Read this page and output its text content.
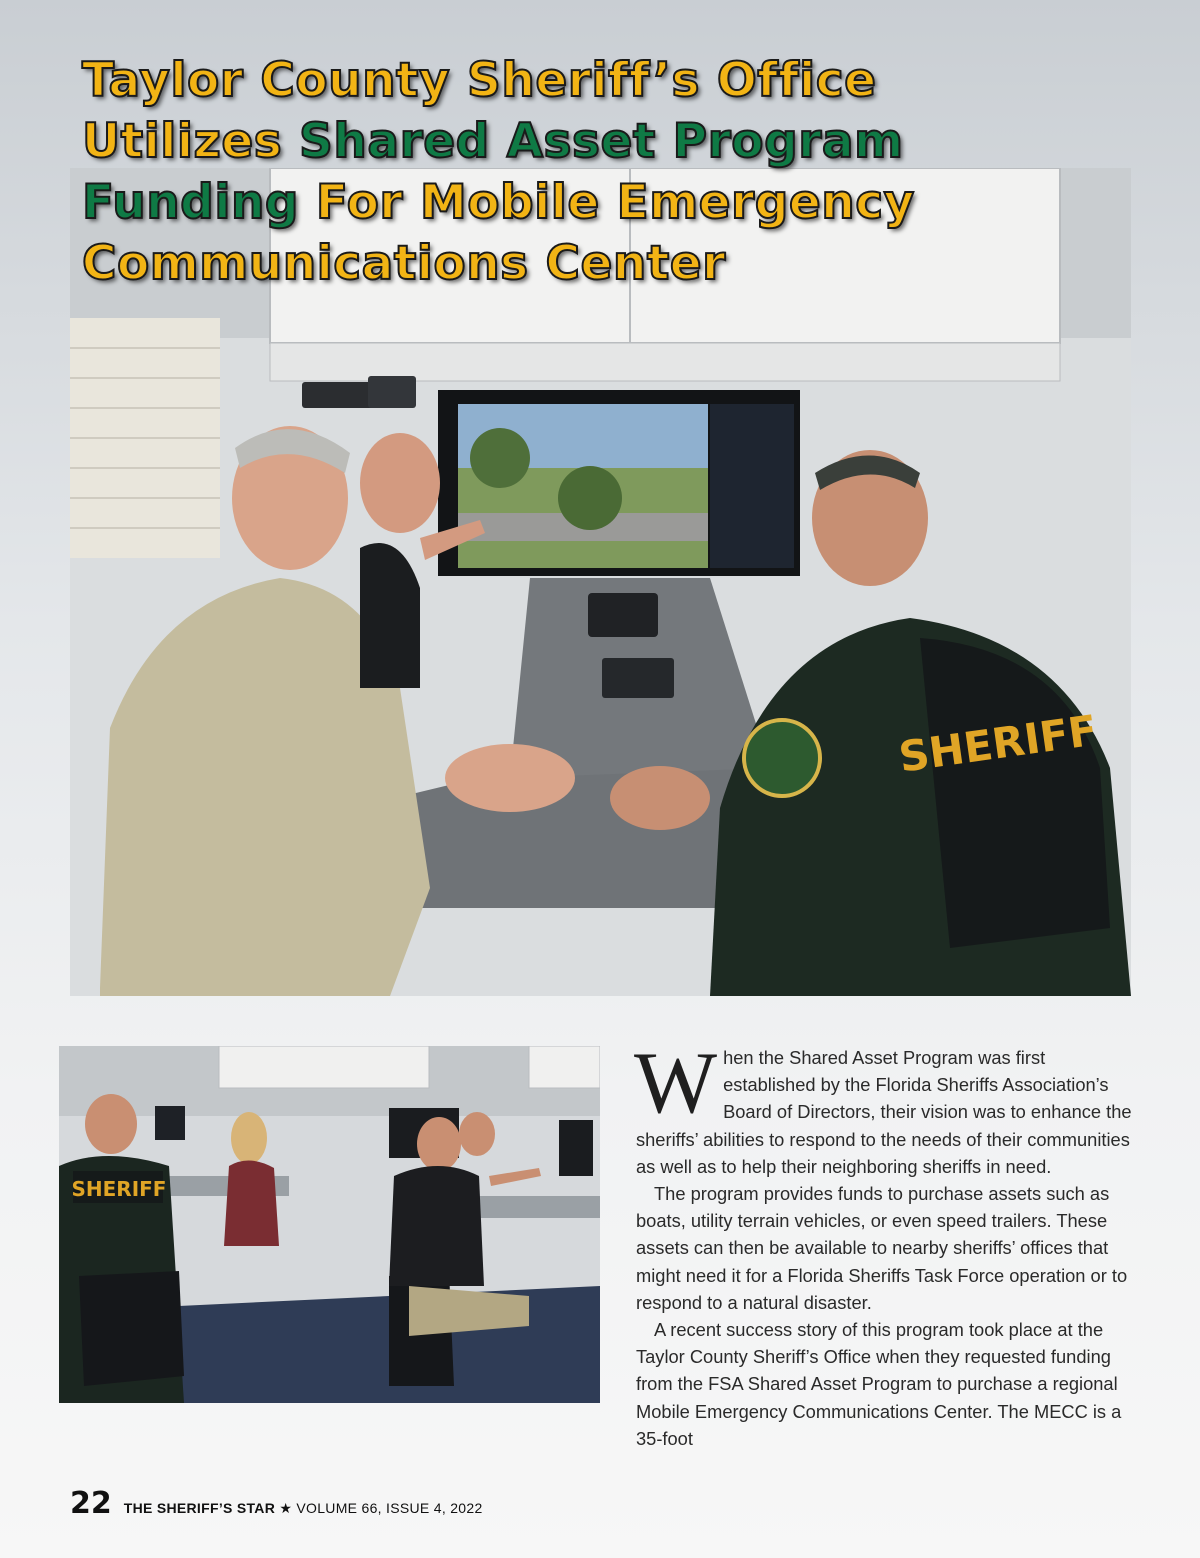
SHERIFF
Taylor County Sheriff’s Office
Utilizes Shared Asset Program
Funding For Mobile Emergency
Communications Center
SHERIFF

When the Shared Asset Program was first established by the Florida Sheriffs Association’s Board of Directors, their vision was to enhance the sheriffs’ abilities to respond to the needs of their communities as well as to help their neighboring sheriffs in need.

The program provides funds to purchase assets such as boats, utility terrain vehicles, or even speed trailers. These assets can then be available to nearby sheriffs’ offices that might need it for a Florida Sheriffs Task Force operation or to respond to a natural disaster.

A recent success story of this program took place at the Taylor County Sheriff’s Office when they requested funding from the FSA Shared Asset Program to purchase a regional Mobile Emergency Communications Center. The MECC is a 35-foot

22 THE SHERIFF’S STAR ★ VOLUME 66, ISSUE 4, 2022
